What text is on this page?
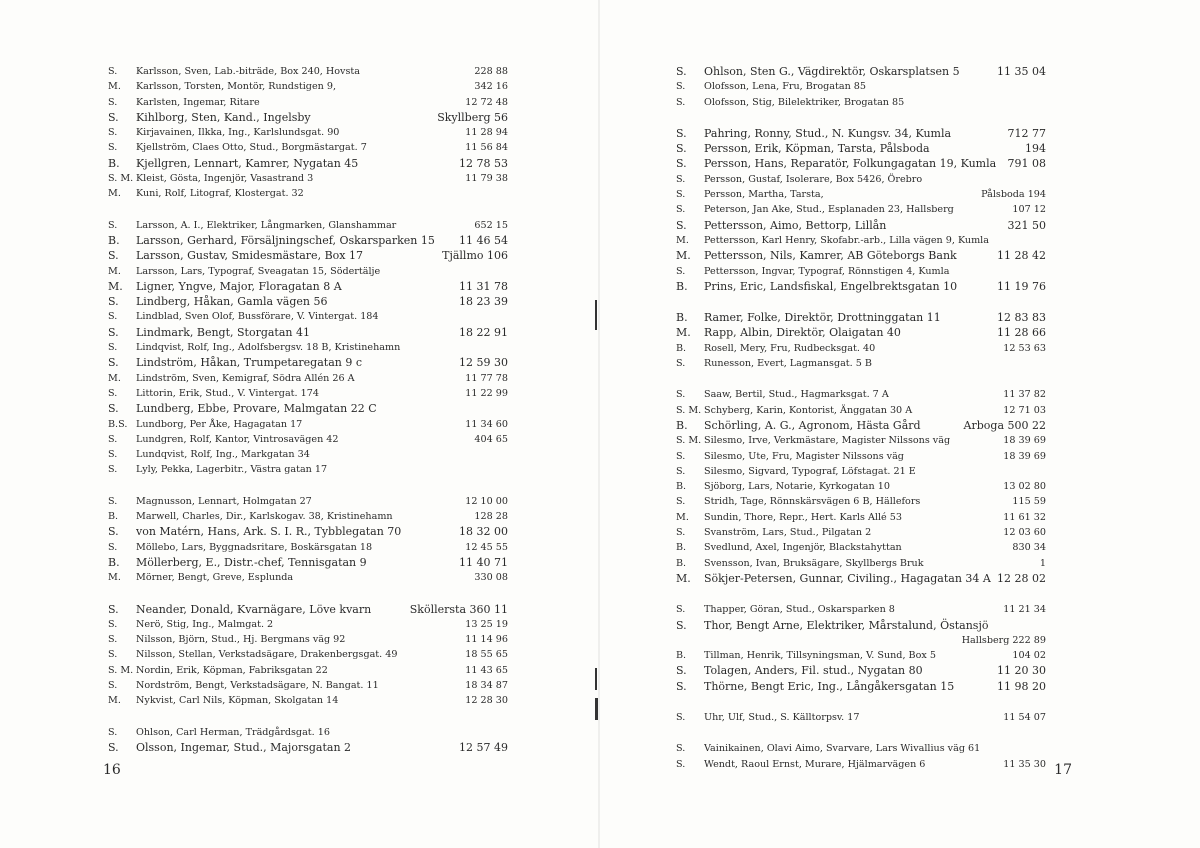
S.	Karlsson, Sven, Lab.-biträde, Box 240, Hovsta	228 88
M.	Karlsson, Torsten, Montör, Rundstigen 9,	342 16
S.	Karlsten, Ingemar, Ritare	12 72 48
S.	Kihlborg, Sten, Kand., Ingelsby	Skyllberg 56
S.	Kirjavainen, Ilkka, Ing., Karlslundsgat. 90	11 28 94
S.	Kjellström, Claes Otto, Stud., Borgmästargat. 7	11 56 84
B.	Kjellgren, Lennart, Kamrer, Nygatan 45	12 78 53
S. M. Kleist, Gösta, Ingenjör, Vasastrand 3	11 79 38
M.	Kuni, Rolf, Litograf, Klostergat. 32
S.	Larsson, A. I., Elektriker, Långmarken, Glanshammar	652 15
B.	Larsson, Gerhard, Försäljningschef, Oskarsparken 15	11 46 54
S.	Larsson, Gustav, Smidesmästare, Box 17	Tjällmo 106
M.	Larsson, Lars, Typograf, Sveagatan 15, Södertälje
M.	Ligner, Yngve, Major, Floragatan 8 A	11 31 78
S.	Lindberg, Håkan, Gamla vägen 56	18 23 39
S.	Lindblad, Sven Olof, Bussförare, V. Vintergat. 184
S.	Lindmark, Bengt, Storgatan 41	18 22 91
S.	Lindqvist, Rolf, Ing., Adolfsbergsv. 18 B, Kristinehamn
S.	Lindström, Håkan, Trumpetaregatan 9 c	12 59 30
M.	Lindström, Sven, Kemigraf, Södra Allén 26 A	11 77 78
S.	Littorin, Erik, Stud., V. Vintergat. 174	11 22 99
S.	Lundberg, Ebbe, Provare, Malmgatan 22 C
B.S. Lundborg, Per Åke, Hagagatan 17	11 34 60
S.	Lundgren, Rolf, Kantor, Vintrosavägen 42	404 65
S.	Lundqvist, Rolf, Ing., Markgatan 34
S.	Lyly, Pekka, Lagerbitr., Västra gatan 17
S.	Magnusson, Lennart, Holmgatan 27	12 10 00
B.	Marwell, Charles, Dir., Karlskogav. 38, Kristinehamn	128 28
S.	von Matérn, Hans, Ark. S. I. R., Tybblegatan 70	18 32 00
S.	Möllebo, Lars, Byggnadsritare, Boskärsgatan 18	12 45 55
B.	Möllerberg, E., Distr.-chef, Tennisgatan 9	11 40 71
M.	Mörner, Bengt, Greve, Esplunda	330 08
S.	Neander, Donald, Kvarnägare, Löve kvarn	Sköllersta 360 11
S.	Nerö, Stig, Ing., Malmgat. 2	13 25 19
S.	Nilsson, Björn, Stud., Hj. Bergmans väg 92	11 14 96
S.	Nilsson, Stellan, Verkstadsägare, Drakenbergsgat. 49	18 55 65
S. M. Nordin, Erik, Köpman, Fabriksgatan 22	11 43 65
S.	Nordström, Bengt, Verkstadsägare, N. Bangat. 11	18 34 87
M.	Nykvist, Carl Nils, Köpman, Skolgatan 14	12 28 30
S.	Ohlson, Carl Herman, Trädgårdsgat. 16
S.	Olsson, Ingemar, Stud., Majorsgatan 2	12 57 49
16
S.	Ohlson, Sten G., Vägdirektör, Oskarsplatsen 5	11 35 04
S.	Olofsson, Lena, Fru, Brogatan 85
S.	Olofsson, Stig, Bilelektriker, Brogatan 85
S.	Pahring, Ronny, Stud., N. Kungsv. 34, Kumla	712 77
S.	Persson, Erik, Köpman, Tarsta, Pålsboda	194
S.	Persson, Hans, Reparatör, Folkungagatan 19, Kumla	791 08
S.	Persson, Gustaf, Isolerare, Box 5426, Örebro
S.	Persson, Martha, Tarsta,	Pålsboda 194
S.	Peterson, Jan Ake, Stud., Esplanaden 23, Hallsberg	107 12
S.	Pettersson, Aimo, Bettorp, Lillån	321 50
M.	Pettersson, Karl Henry, Skofabr.-arb., Lilla vägen 9, Kumla
M.	Pettersson, Nils, Kamrer, AB Göteborgs Bank	11 28 42
S.	Pettersson, Ingvar, Typograf, Rönnstigen 4, Kumla
B.	Prins, Eric, Landsfiskal, Engelbrektsgatan 10	11 19 76
B.	Ramer, Folke, Direktör, Drottninggatan 11	12 83 83
M.	Rapp, Albin, Direktör, Olaigatan 40	11 28 66
B.	Rosell, Mery, Fru, Rudbecksgat. 40	12 53 63
S.	Runesson, Evert, Lagmansgat. 5 B
S.	Saaw, Bertil, Stud., Hagmarksgat. 7 A	11 37 82
S. M. Schyberg, Karin, Kontorist, Änggatan 30 A	12 71 03
B.	Schörling, A. G., Agronom, Hästa Gård	Arboga 500 22
S. M. Silesmo, Irve, Verkmästare, Magister Nilssons väg	18 39 69
S.	Silesmo, Ute, Fru, Magister Nilssons väg	18 39 69
S.	Silesmo, Sigvard, Typograf, Löfstagat. 21 E
B.	Sjöborg, Lars, Notarie, Kyrkogatan 10	13 02 80
S.	Stridh, Tage, Rönnskärsvägen 6 B, Hällefors	115 59
M.	Sundin, Thore, Repr., Hert. Karls Allé 53	11 61 32
S.	Svanström, Lars, Stud., Pilgatan 2	12 03 60
B.	Svedlund, Axel, Ingenjör, Blackstahyttan	830 34
B.	Svensson, Ivan, Bruksägare, Skyllbergs Bruk	1
M.	Sökjer-Petersen, Gunnar, Civiling., Hagagatan 34 A 12 28 02
S.	Thapper, Göran, Stud., Oskarsparken 8	11 21 34
S.	Thor, Bengt Arne, Elektriker, Mårstalund, Östansjö
Hallsberg 222 89
B.	Tillman, Henrik, Tillsyningsman, V. Sund, Box 5	104 02
S.	Tolagen, Anders, Fil. stud., Nygatan 80	11 20 30
S.	Thörne, Bengt Eric, Ing., Långåkersgatan 15	11 98 20
S.	Uhr, Ulf, Stud., S. Källtorpsv. 17	11 54 07
S.	Vainikainen, Olavi Aimo, Svarvare, Lars Wivallius väg 61
S.	Wendt, Raoul Ernst, Murare, Hjälmarvägen 6	11 35 30 17
